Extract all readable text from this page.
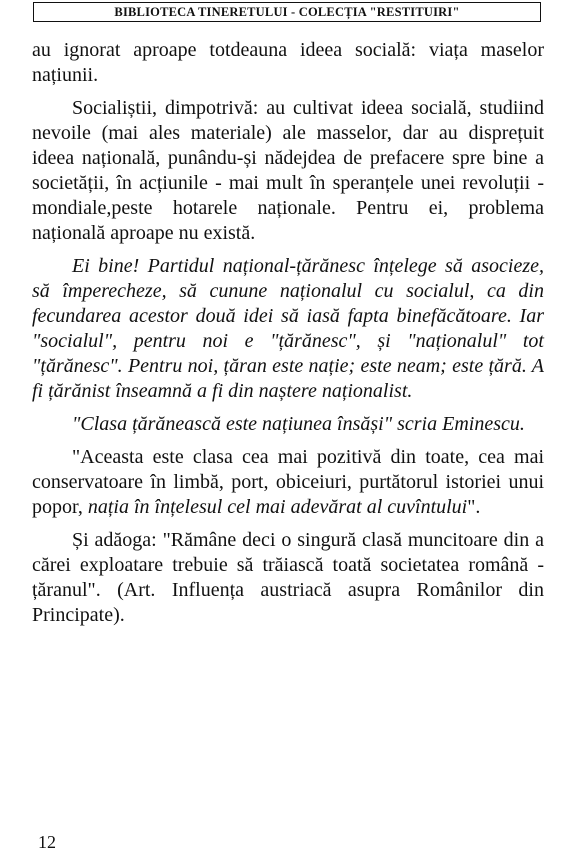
BIBLIOTECA TINERETULUI - COLECȚIA "RESTITUIRI"

au ignorat aproape totdeauna ideea socială: viața maselor națiunii.

Socialiștii, dimpotrivă: au cultivat ideea socială, studiind nevoile (mai ales materiale) ale masselor, dar au disprețuit ideea națională, punându-și nădejdea de prefacere spre bine a societății, în acțiunile - mai mult în speranțele unei revoluții - mondiale,peste hotarele naționale. Pentru ei, problema națională aproape nu există.

Ei bine! Partidul național-țărănesc înțelege să asocieze, să împerecheze, să cunune naționalul cu socialul, ca din fecundarea acestor două idei să iasă fapta binefăcătoare. Iar "socialul", pentru noi e "țărănesc", și "naționalul" tot "țărănesc". Pentru noi, țăran este nație; este neam; este țără. A fi țărănist înseamnă a fi din naștere naționalist.

"Clasa țărănească este națiunea însăși" scria Eminescu.

"Aceasta este clasa cea mai pozitivă din toate, cea mai conservatoare în limbă, port, obiceiuri, purtătorul istoriei unui popor, nația în înțelesul cel mai adevărat al cuvîntului".

Și adăoga: "Rămâne deci o singură clasă muncitoare din a cărei exploatare trebuie să trăiască toată societatea română - țăranul". (Art. Influența austriacă asupra Românilor din Principate).

12
